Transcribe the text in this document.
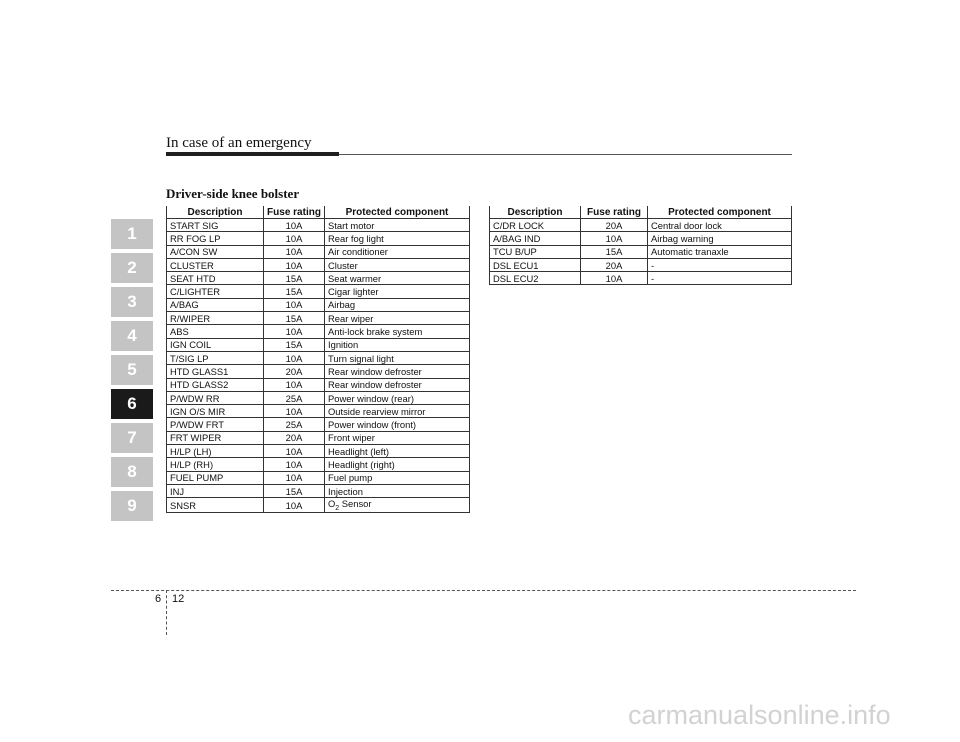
In case of an emergency
Driver-side knee bolster
1
2
3
4
5
6
7
8
9
Description	Fuse rating	Protected component
START SIG	10A	Start motor
RR FOG LP	10A	Rear fog light
A/CON SW	10A	Air conditioner
CLUSTER	10A	Cluster
SEAT HTD	15A	Seat warmer
C/LIGHTER	15A	Cigar lighter
A/BAG	10A	Airbag
R/WIPER	15A	Rear wiper
ABS	10A	Anti-lock brake system
IGN COIL	15A	Ignition
T/SIG LP	10A	Turn signal light
HTD GLASS1	20A	Rear window defroster
HTD GLASS2	10A	Rear window defroster
P/WDW RR	25A	Power window (rear)
IGN O/S MIR	10A	Outside rearview mirror
P/WDW FRT	25A	Power window (front)
FRT WIPER	20A	Front wiper
H/LP (LH)	10A	Headlight (left)
H/LP (RH)	10A	Headlight (right)
FUEL PUMP	10A	Fuel pump
INJ	15A	Injection
SNSR	10A	$O_2$ Sensor
Description	Fuse rating	Protected component
C/DR LOCK	20A	Central door lock
A/BAG IND	10A	Airbag warning
TCU B/UP	15A	Automatic tranaxle
DSL ECU1	20A	-
DSL ECU2	10A	-
6 12
carmanualsonline.info
